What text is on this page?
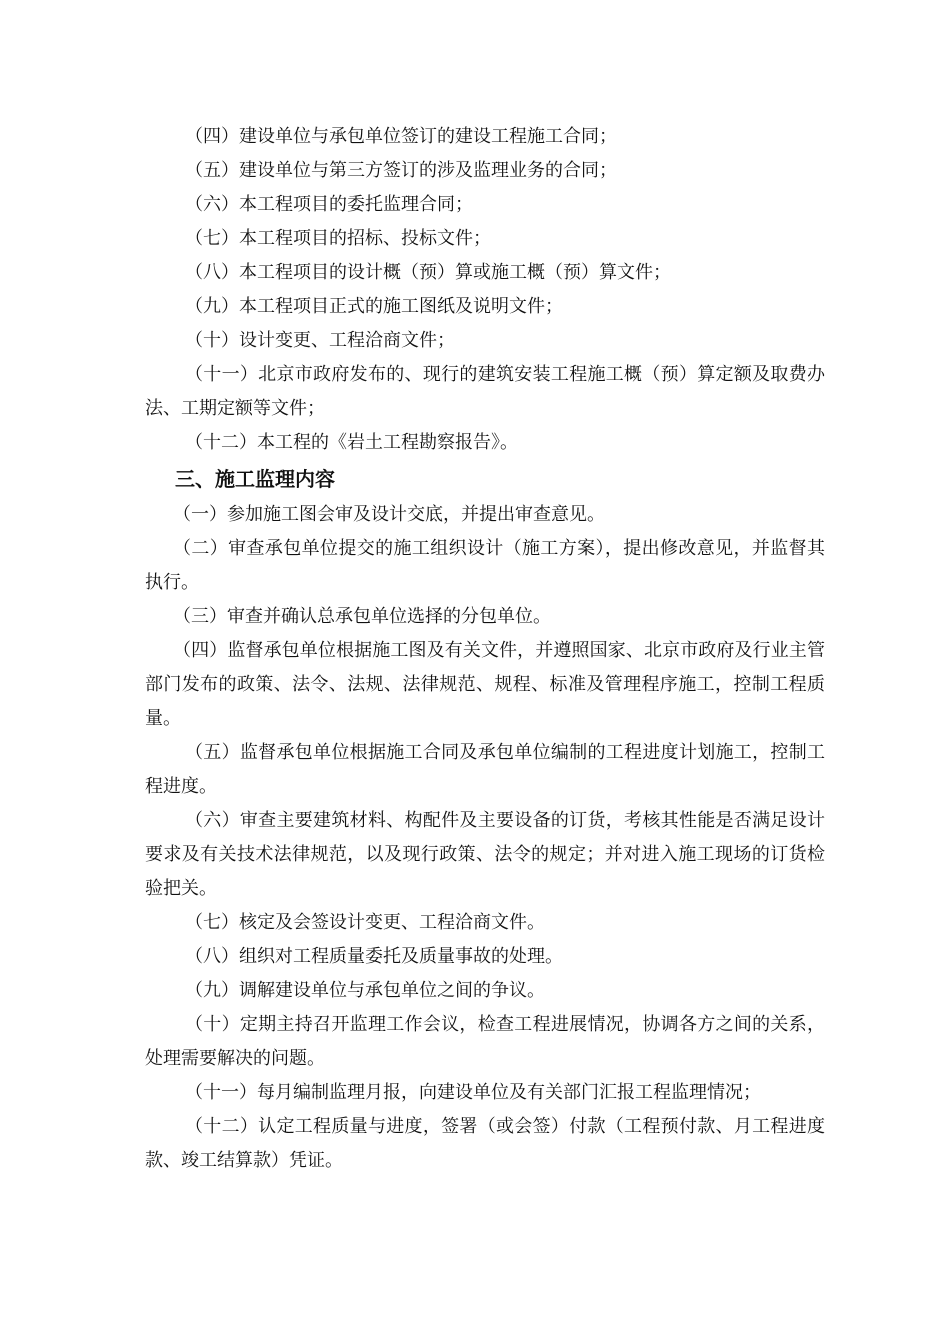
（四）建设单位与承包单位签订的建设工程施工合同；

（五）建设单位与第三方签订的涉及监理业务的合同；

（六）本工程项目的委托监理合同；

（七）本工程项目的招标、投标文件；

（八）本工程项目的设计概（预）算或施工概（预）算文件；

（九）本工程项目正式的施工图纸及说明文件；

（十）设计变更、工程洽商文件；

（十一）北京市政府发布的、现行的建筑安装工程施工概（预）算定额及取费办法、工期定额等文件；

（十二）本工程的《岩土工程勘察报告》。

三、施工监理内容

（一）参加施工图会审及设计交底，并提出审查意见。

（二）审查承包单位提交的施工组织设计（施工方案），提出修改意见，并监督其执行。

（三）审查并确认总承包单位选择的分包单位。

（四）监督承包单位根据施工图及有关文件，并遵照国家、北京市政府及行业主管部门发布的政策、法令、法规、法律规范、规程、标准及管理程序施工，控制工程质量。

（五）监督承包单位根据施工合同及承包单位编制的工程进度计划施工，控制工程进度。

（六）审查主要建筑材料、构配件及主要设备的订货，考核其性能是否满足设计要求及有关技术法律规范，以及现行政策、法令的规定；并对进入施工现场的订货检验把关。

（七）核定及会签设计变更、工程洽商文件。

（八）组织对工程质量委托及质量事故的处理。

（九）调解建设单位与承包单位之间的争议。

（十）定期主持召开监理工作会议，检查工程进展情况，协调各方之间的关系，处理需要解决的问题。

（十一）每月编制监理月报，向建设单位及有关部门汇报工程监理情况；

（十二）认定工程质量与进度，签署（或会签）付款（工程预付款、月工程进度款、竣工结算款）凭证。
